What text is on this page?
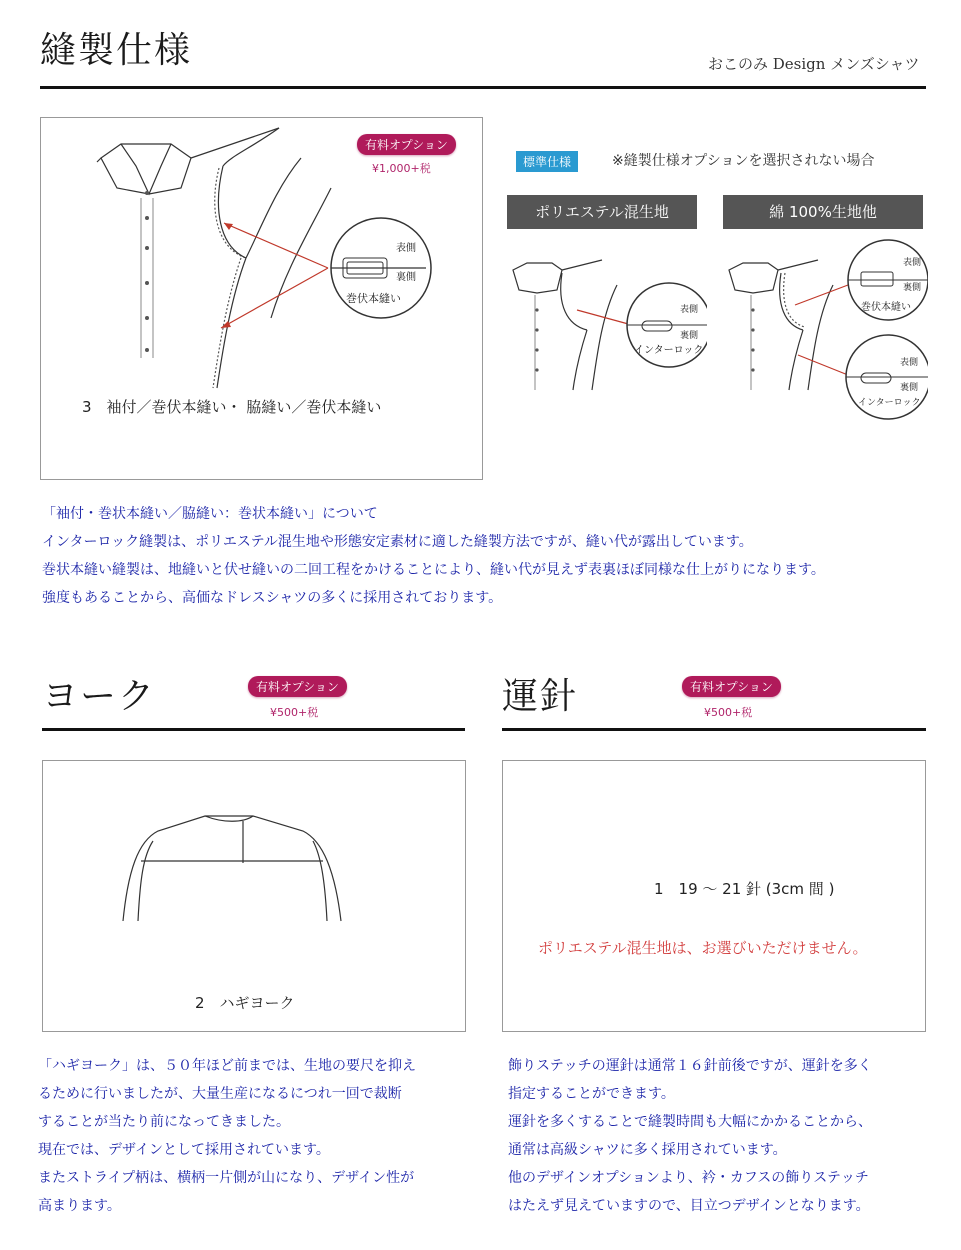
縫製仕様	おこのみ Design メンズシャツ
表側
裏側
巻伏本縫い
有料オプション
¥1,000+税
3　袖付／巻伏本縫い・ 脇縫い／巻伏本縫い
標準仕様	※縫製仕様オプションを選択されない場合
ポリエステル混生地	綿 100%生地他
表側
裏側
インターロック
表側
裏側
巻伏本縫い
表側
裏側
インターロック
「袖付・巻状本縫い／脇縫い：巻状本縫い」について
インターロック縫製は、ポリエステル混生地や形態安定素材に適した縫製方法ですが、縫い代が露出しています。
巻状本縫い縫製は、地縫いと伏せ縫いの二回工程をかけることにより、縫い代が見えず表裏ほぼ同様な仕上がりになります。
強度もあることから、高価なドレスシャツの多くに採用されております。
ヨーク	有料オプション
¥500+税
2　ハギヨーク
「ハギヨーク」は、５０年ほど前までは、生地の要尺を抑え
るために行いましたが、大量生産になるにつれ一回で裁断
することが当たり前になってきました。
現在では、デザインとして採用されています。
またストライプ柄は、横柄一片側が山になり、デザイン性が
高まります。
運針	有料オプション
¥500+税
1　19 〜 21 針 (3cm 間 )
ポリエステル混生地は、お選びいただけません。
飾りステッチの運針は通常１６針前後ですが、運針を多く
指定することができます。
運針を多くすることで縫製時間も大幅にかかることから、
通常は高級シャツに多く採用されています。
他のデザインオプションより、衿・カフスの飾りステッチ
はたえず見えていますので、目立つデザインとなります。
